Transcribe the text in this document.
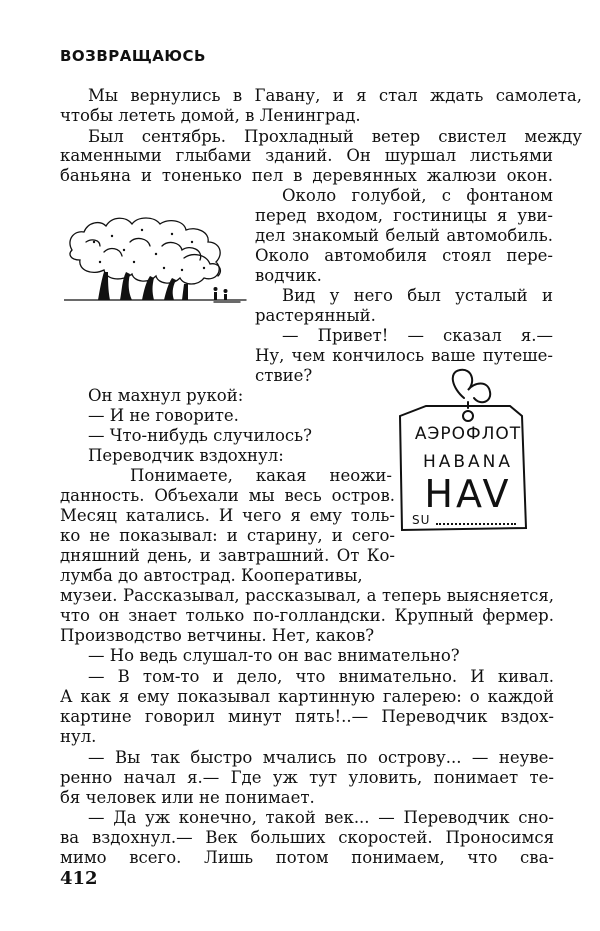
ВОЗВРАЩАЮСЬ

Мы вернулись в Гавану, и я стал ждать самолета,

чтобы лететь домой, в Ленинград.

Был сентябрь. Прохладный ветер свистел между

каменными глыбами зданий. Он шуршал листьями

баньяна и тоненько пел в деревянных жалюзи окон.

Около голубой, с фонтаном

перед входом, гостиницы я уви-

дел знакомый белый автомобиль.

Около автомобиля стоял пере-

водчик.

Вид у него был усталый и

растерянный.

— Привет! — сказал я.—

Ну, чем кончилось ваше путеше-

ствие?

Он махнул рукой:

— И не говорите.

— Что-нибудь случилось?

Переводчик вздохнул:

Понимаете, какая неожи-

данность. Объехали мы весь остров.

Месяц катались. И чего я ему толь-

ко не показывал: и старину, и сего-

дняшний день, и завтрашний. От Ко-

лумба до автострад. Кооперативы,

музеи. Рассказывал, рассказывал, а теперь выясняется,

что он знает только по-голландски. Крупный фермер.

Производство ветчины. Нет, каков?

— Но ведь слушал-то он вас внимательно?

— В том-то и дело, что внимательно. И кивал.

А как я ему показывал картинную галерею: о каждой

картине говорил минут пять!..— Переводчик вздох-

нул.

— Вы так быстро мчались по острову... — неуве-

ренно начал я.— Где уж тут уловить, понимает те-

бя человек или не понимает.

— Да уж конечно, такой век... — Переводчик сно-

ва вздохнул.— Век больших скоростей. Проносимся

мимо всего. Лишь потом понимаем, что сва-

АЭРОФЛОТ
HABANA
HAV
SU
412
